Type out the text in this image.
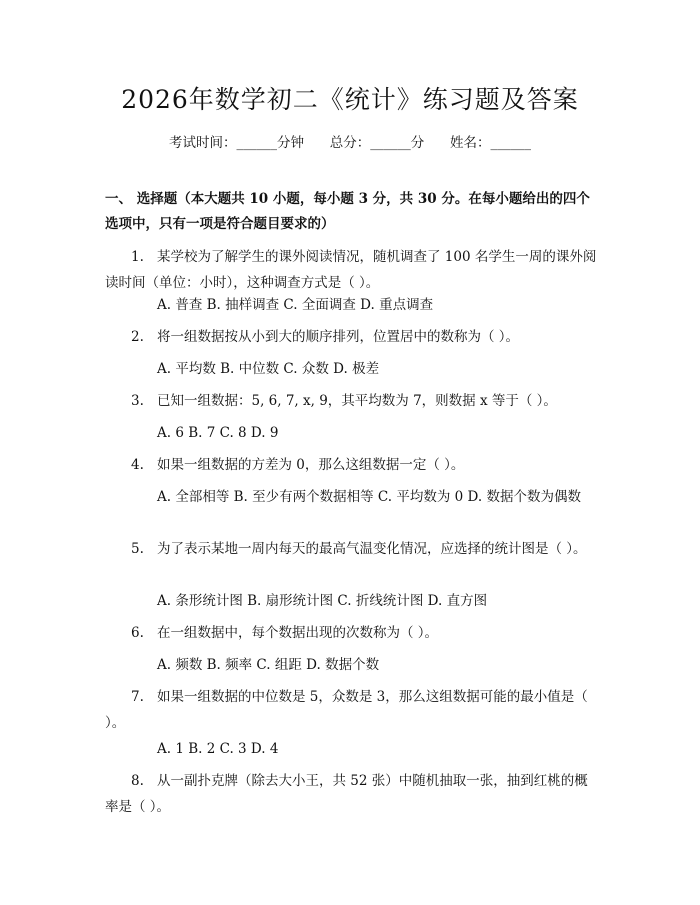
2026年数学初二《统计》练习题及答案
考试时间：______分钟      总分：______分      姓名：______
一、 选择题（本大题共 10 小题，每小题 3 分，共 30 分。在每小题给出的四个选项中，只有一项是符合题目要求的）
1. 某学校为了解学生的课外阅读情况，随机调查了 100 名学生一周的课外阅读时间（单位：小时），这种调查方式是（ ）。
A. 普查 B. 抽样调查 C. 全面调查 D. 重点调查
2. 将一组数据按从小到大的顺序排列，位置居中的数称为（ ）。
A. 平均数 B. 中位数 C. 众数 D. 极差
3. 已知一组数据：5, 6, 7, x, 9，其平均数为 7，则数据 x 等于（ ）。
A. 6 B. 7 C. 8 D. 9
4. 如果一组数据的方差为 0，那么这组数据一定（ ）。
A. 全部相等 B. 至少有两个数据相等 C. 平均数为 0 D. 数据个数为偶数
5. 为了表示某地一周内每天的最高气温变化情况，应选择的统计图是（ ）。
A. 条形统计图 B. 扇形统计图 C. 折线统计图 D. 直方图
6. 在一组数据中，每个数据出现的次数称为（ ）。
A. 频数 B. 频率 C. 组距 D. 数据个数
7. 如果一组数据的中位数是 5，众数是 3，那么这组数据可能的最小值是（ ）。
A. 1 B. 2 C. 3 D. 4
8. 从一副扑克牌（除去大小王，共 52 张）中随机抽取一张，抽到红桃的概率是（ ）。
